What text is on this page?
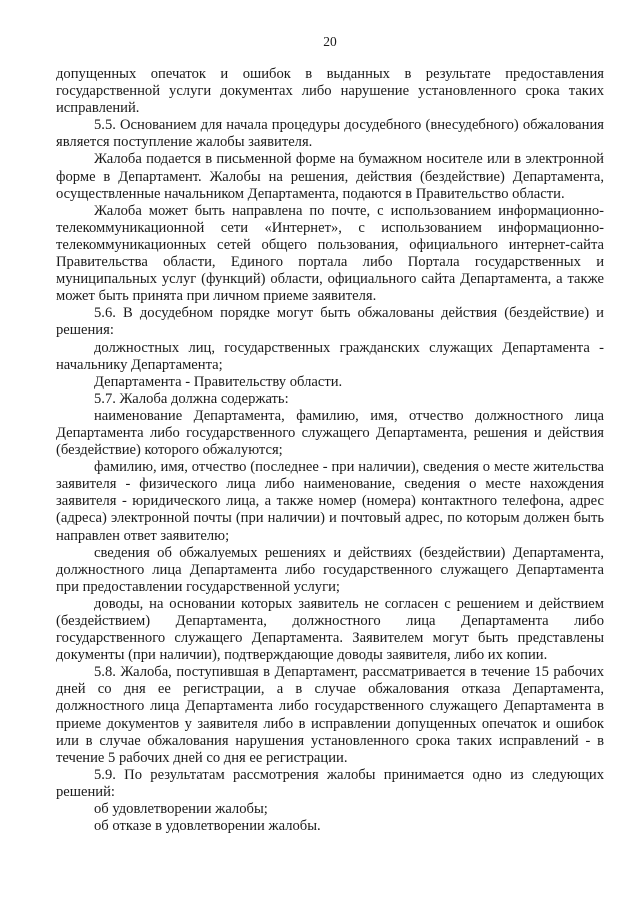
20

допущенных опечаток и ошибок в выданных в результате предоставления государственной услуги документах либо нарушение установленного срока таких исправлений.

5.5. Основанием для начала процедуры досудебного (внесудебного) обжалования является поступление жалобы заявителя.

Жалоба подается в письменной форме на бумажном носителе или в электронной форме в Департамент. Жалобы на решения, действия (бездействие) Департамента, осуществленные начальником Департамента, подаются в Правительство области.

Жалоба может быть направлена по почте, с использованием информационно-телекоммуникационной сети «Интернет», с использованием информационно-телекоммуникационных сетей общего пользования, официального интернет-сайта Правительства области, Единого портала либо Портала государственных и муниципальных услуг (функций) области, официального сайта Департамента, а также может быть принята при личном приеме заявителя.

5.6. В досудебном порядке могут быть обжалованы действия (бездействие) и решения:

должностных лиц, государственных гражданских служащих Департамента - начальнику Департамента;

Департамента - Правительству области.

5.7. Жалоба должна содержать:

наименование Департамента, фамилию, имя, отчество должностного лица Департамента либо государственного служащего Департамента, решения и действия (бездействие) которого обжалуются;

фамилию, имя, отчество (последнее - при наличии), сведения о месте жительства заявителя - физического лица либо наименование, сведения о месте нахождения заявителя - юридического лица, а также номер (номера) контактного телефона, адрес (адреса) электронной почты (при наличии) и почтовый адрес, по которым должен быть направлен ответ заявителю;

сведения об обжалуемых решениях и действиях (бездействии) Департамента, должностного лица Департамента либо государственного служащего Департамента при предоставлении государственной услуги;

доводы, на основании которых заявитель не согласен с решением и действием (бездействием) Департамента, должностного лица Департамента либо государственного служащего Департамента. Заявителем могут быть представлены документы (при наличии), подтверждающие доводы заявителя, либо их копии.

5.8. Жалоба, поступившая в Департамент, рассматривается в течение 15 рабочих дней со дня ее регистрации, а в случае обжалования отказа Департамента, должностного лица Департамента либо государственного служащего Департамента в приеме документов у заявителя либо в исправлении допущенных опечаток и ошибок или в случае обжалования нарушения установленного срока таких исправлений - в течение 5 рабочих дней со дня ее регистрации.

5.9. По результатам рассмотрения жалобы принимается одно из следующих решений:

об удовлетворении жалобы;

об отказе в удовлетворении жалобы.
